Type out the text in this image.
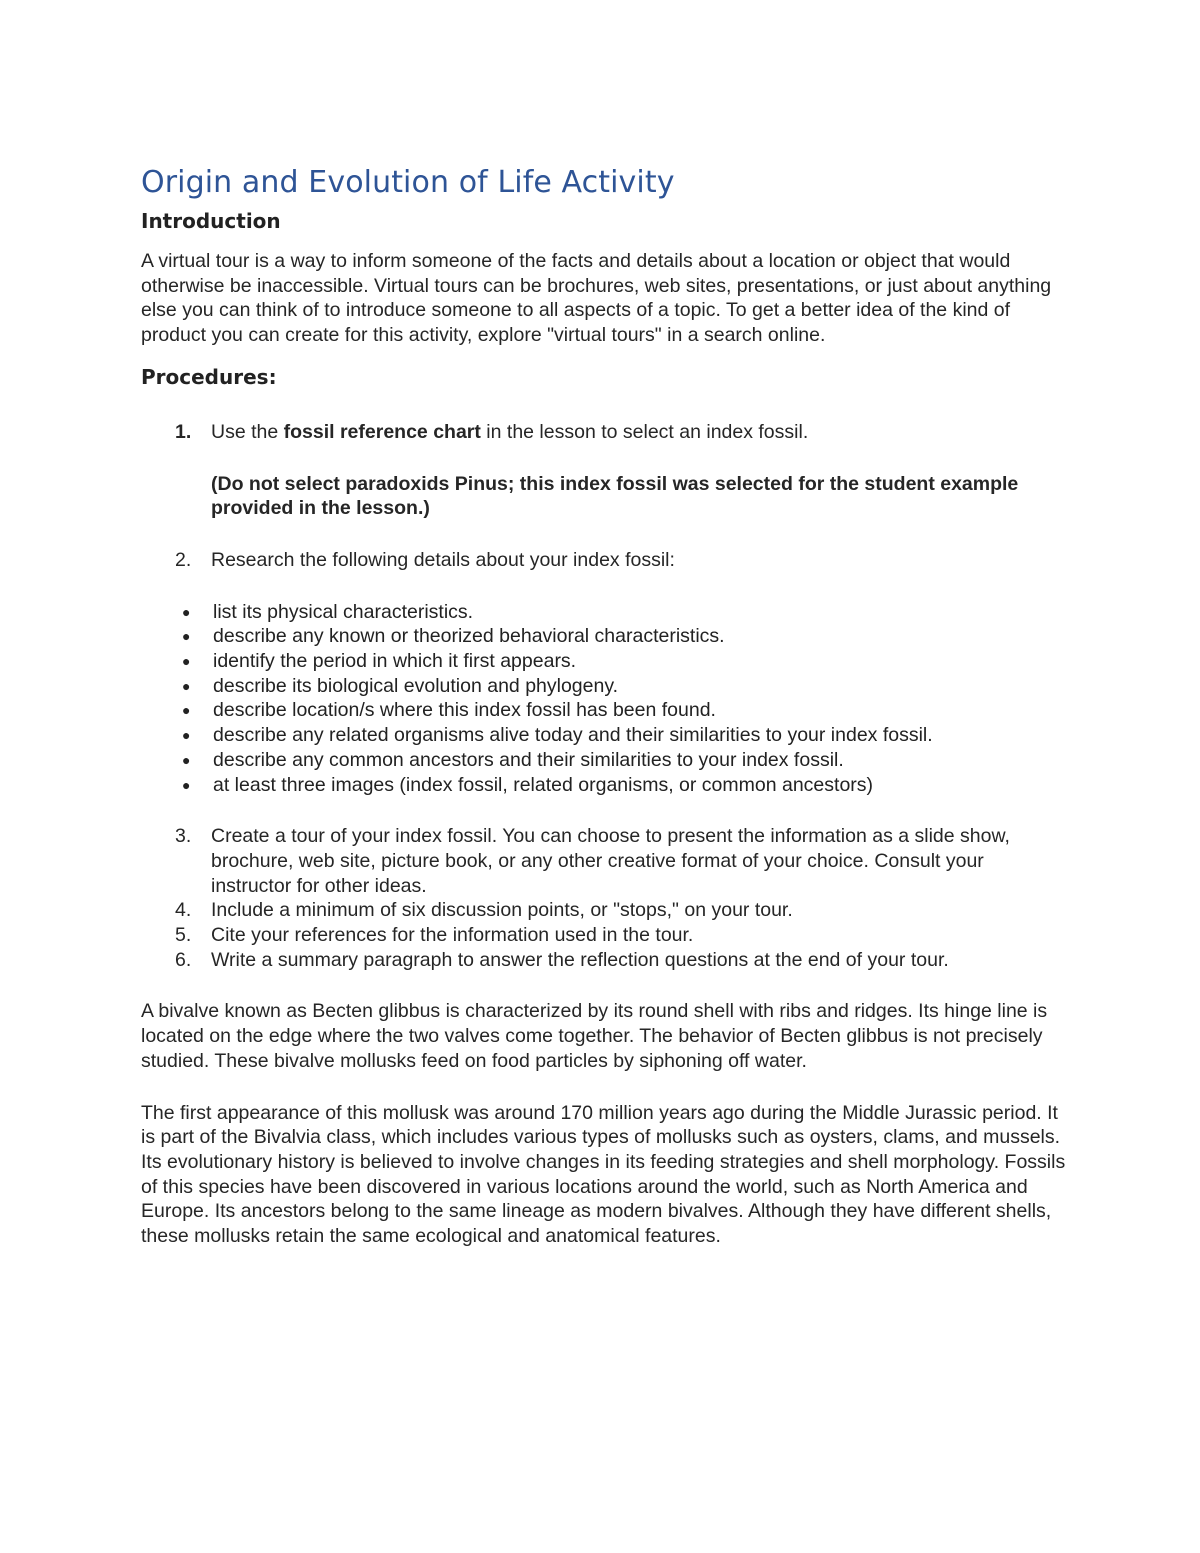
Origin and Evolution of Life Activity
Introduction

A virtual tour is a way to inform someone of the facts and details about a location or object that would otherwise be inaccessible. Virtual tours can be brochures, web sites, presentations, or just about anything else you can think of to introduce someone to all aspects of a topic. To get a better idea of the kind of product you can create for this activity, explore "virtual tours" in a search online.

Procedures:
1. Use the fossil reference chart in the lesson to select an index fossil.
(Do not select paradoxids Pinus; this index fossil was selected for the student example provided in the lesson.)
2. Research the following details about your index fossil:
● list its physical characteristics.
● describe any known or theorized behavioral characteristics.
● identify the period in which it first appears.
● describe its biological evolution and phylogeny.
● describe location/s where this index fossil has been found.
● describe any related organisms alive today and their similarities to your index fossil.
● describe any common ancestors and their similarities to your index fossil.
● at least three images (index fossil, related organisms, or common ancestors)
3. Create a tour of your index fossil. You can choose to present the information as a slide show, brochure, web site, picture book, or any other creative format of your choice. Consult your instructor for other ideas.
4. Include a minimum of six discussion points, or "stops," on your tour.
5. Cite your references for the information used in the tour.
6. Write a summary paragraph to answer the reflection questions at the end of your tour.

A bivalve known as Becten glibbus is characterized by its round shell with ribs and ridges. Its hinge line is located on the edge where the two valves come together. The behavior of Becten glibbus is not precisely studied. These bivalve mollusks feed on food particles by siphoning off water.

The first appearance of this mollusk was around 170 million years ago during the Middle Jurassic period. It is part of the Bivalvia class, which includes various types of mollusks such as oysters, clams, and mussels. Its evolutionary history is believed to involve changes in its feeding strategies and shell morphology. Fossils of this species have been discovered in various locations around the world, such as North America and Europe. Its ancestors belong to the same lineage as modern bivalves. Although they have different shells, these mollusks retain the same ecological and anatomical features.
